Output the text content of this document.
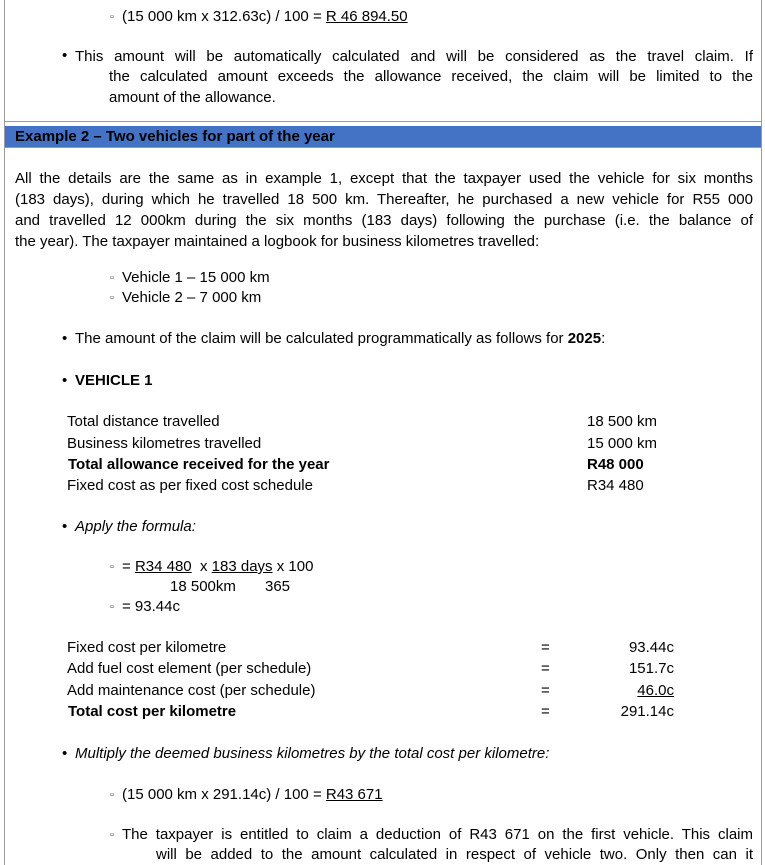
▫ (15 000 km x 312.63c) / 100 = R 46 894.50
• This amount will be automatically calculated and will be considered as the travel claim. If
the calculated amount exceeds the allowance received, the claim will be limited to the
amount of the allowance.
Example 2 – Two vehicles for part of the year
All the details are the same as in example 1, except that the taxpayer used the vehicle for six months
(183 days), during which he travelled 18 500 km. Thereafter, he purchased a new vehicle for R55 000
and travelled 12 000km during the six months (183 days) following the purchase (i.e. the balance of
the year). The taxpayer maintained a logbook for business kilometres travelled:
▫ Vehicle 1 – 15 000 km
▫ Vehicle 2 – 7 000 km
• The amount of the claim will be calculated programmatically as follows for 2025:
• VEHICLE 1
Total distance travelled	18 500 km
Business kilometres travelled	15 000 km
Total allowance received for the year	R48 000
Fixed cost as per fixed cost schedule	R34 480
• Apply the formula:
▫ = R34 480  x 183 days x 100
18 500km 365
▫ = 93.44c
Fixed cost per kilometre	=	93.44c
Add fuel cost element (per schedule)	=	151.7c
Add maintenance cost (per schedule)	=	46.0c
Total cost per kilometre	=	291.14c
• Multiply the deemed business kilometres by the total cost per kilometre:
▫ (15 000 km x 291.14c) / 100 = R43 671
▫ The taxpayer is entitled to claim a deduction of R43 671 on the first vehicle. This claim
will be added to the amount calculated in respect of vehicle two. Only then can it
